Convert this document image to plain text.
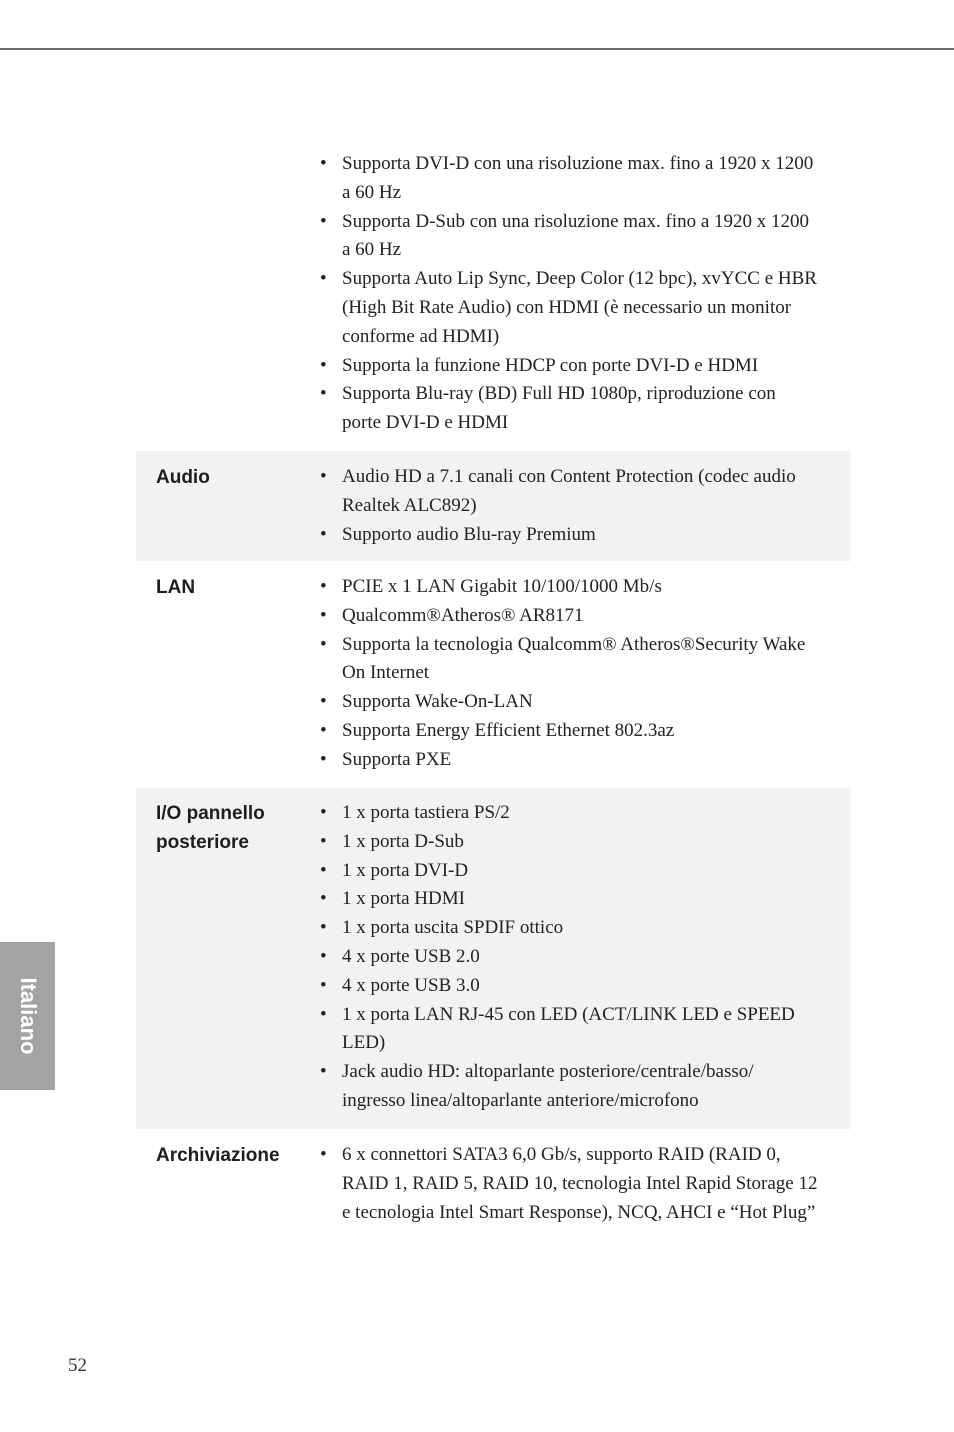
• Supporta DVI-D con una risoluzione max. fino a 1920 x 1200 a 60 Hz
• Supporta D-Sub con una risoluzione max. fino a 1920 x 1200 a 60 Hz
• Supporta Auto Lip Sync, Deep Color (12 bpc), xvYCC e HBR (High Bit Rate Audio) con HDMI (è necessario un monitor conforme ad HDMI)
• Supporta la funzione HDCP con porte DVI-D e HDMI
• Supporta Blu-ray (BD) Full HD 1080p, riproduzione con porte DVI-D e HDMI
Audio	• Audio HD a 7.1 canali con Content Protection (codec audio Realtek ALC892)
• Supporto audio Blu-ray Premium
LAN	• PCIE x 1 LAN Gigabit 10/100/1000 Mb/s
• Qualcomm®Atheros® AR8171
• Supporta la tecnologia Qualcomm® Atheros®Security Wake On Internet
• Supporta Wake-On-LAN
• Supporta Energy Efficient Ethernet 802.3az
• Supporta PXE
I/O pannello
posteriore
• 1 x porta tastiera PS/2
• 1 x porta D-Sub
• 1 x porta DVI-D
• 1 x porta HDMI
• 1 x porta uscita SPDIF ottico
• 4 x porte USB 2.0
• 4 x porte USB 3.0
• 1 x porta LAN RJ-45 con LED (ACT/LINK LED e SPEED LED)
• Jack audio HD: altoparlante posteriore/centrale/basso/ ingresso linea/altoparlante anteriore/microfono
Archiviazione • 6 x connettori SATA3 6,0 Gb/s, supporto RAID (RAID 0, RAID 1, RAID 5, RAID 10, tecnologia Intel Rapid Storage 12 e tecnologia Intel Smart Response), NCQ, AHCI e “Hot Plug”
Italiano
52
